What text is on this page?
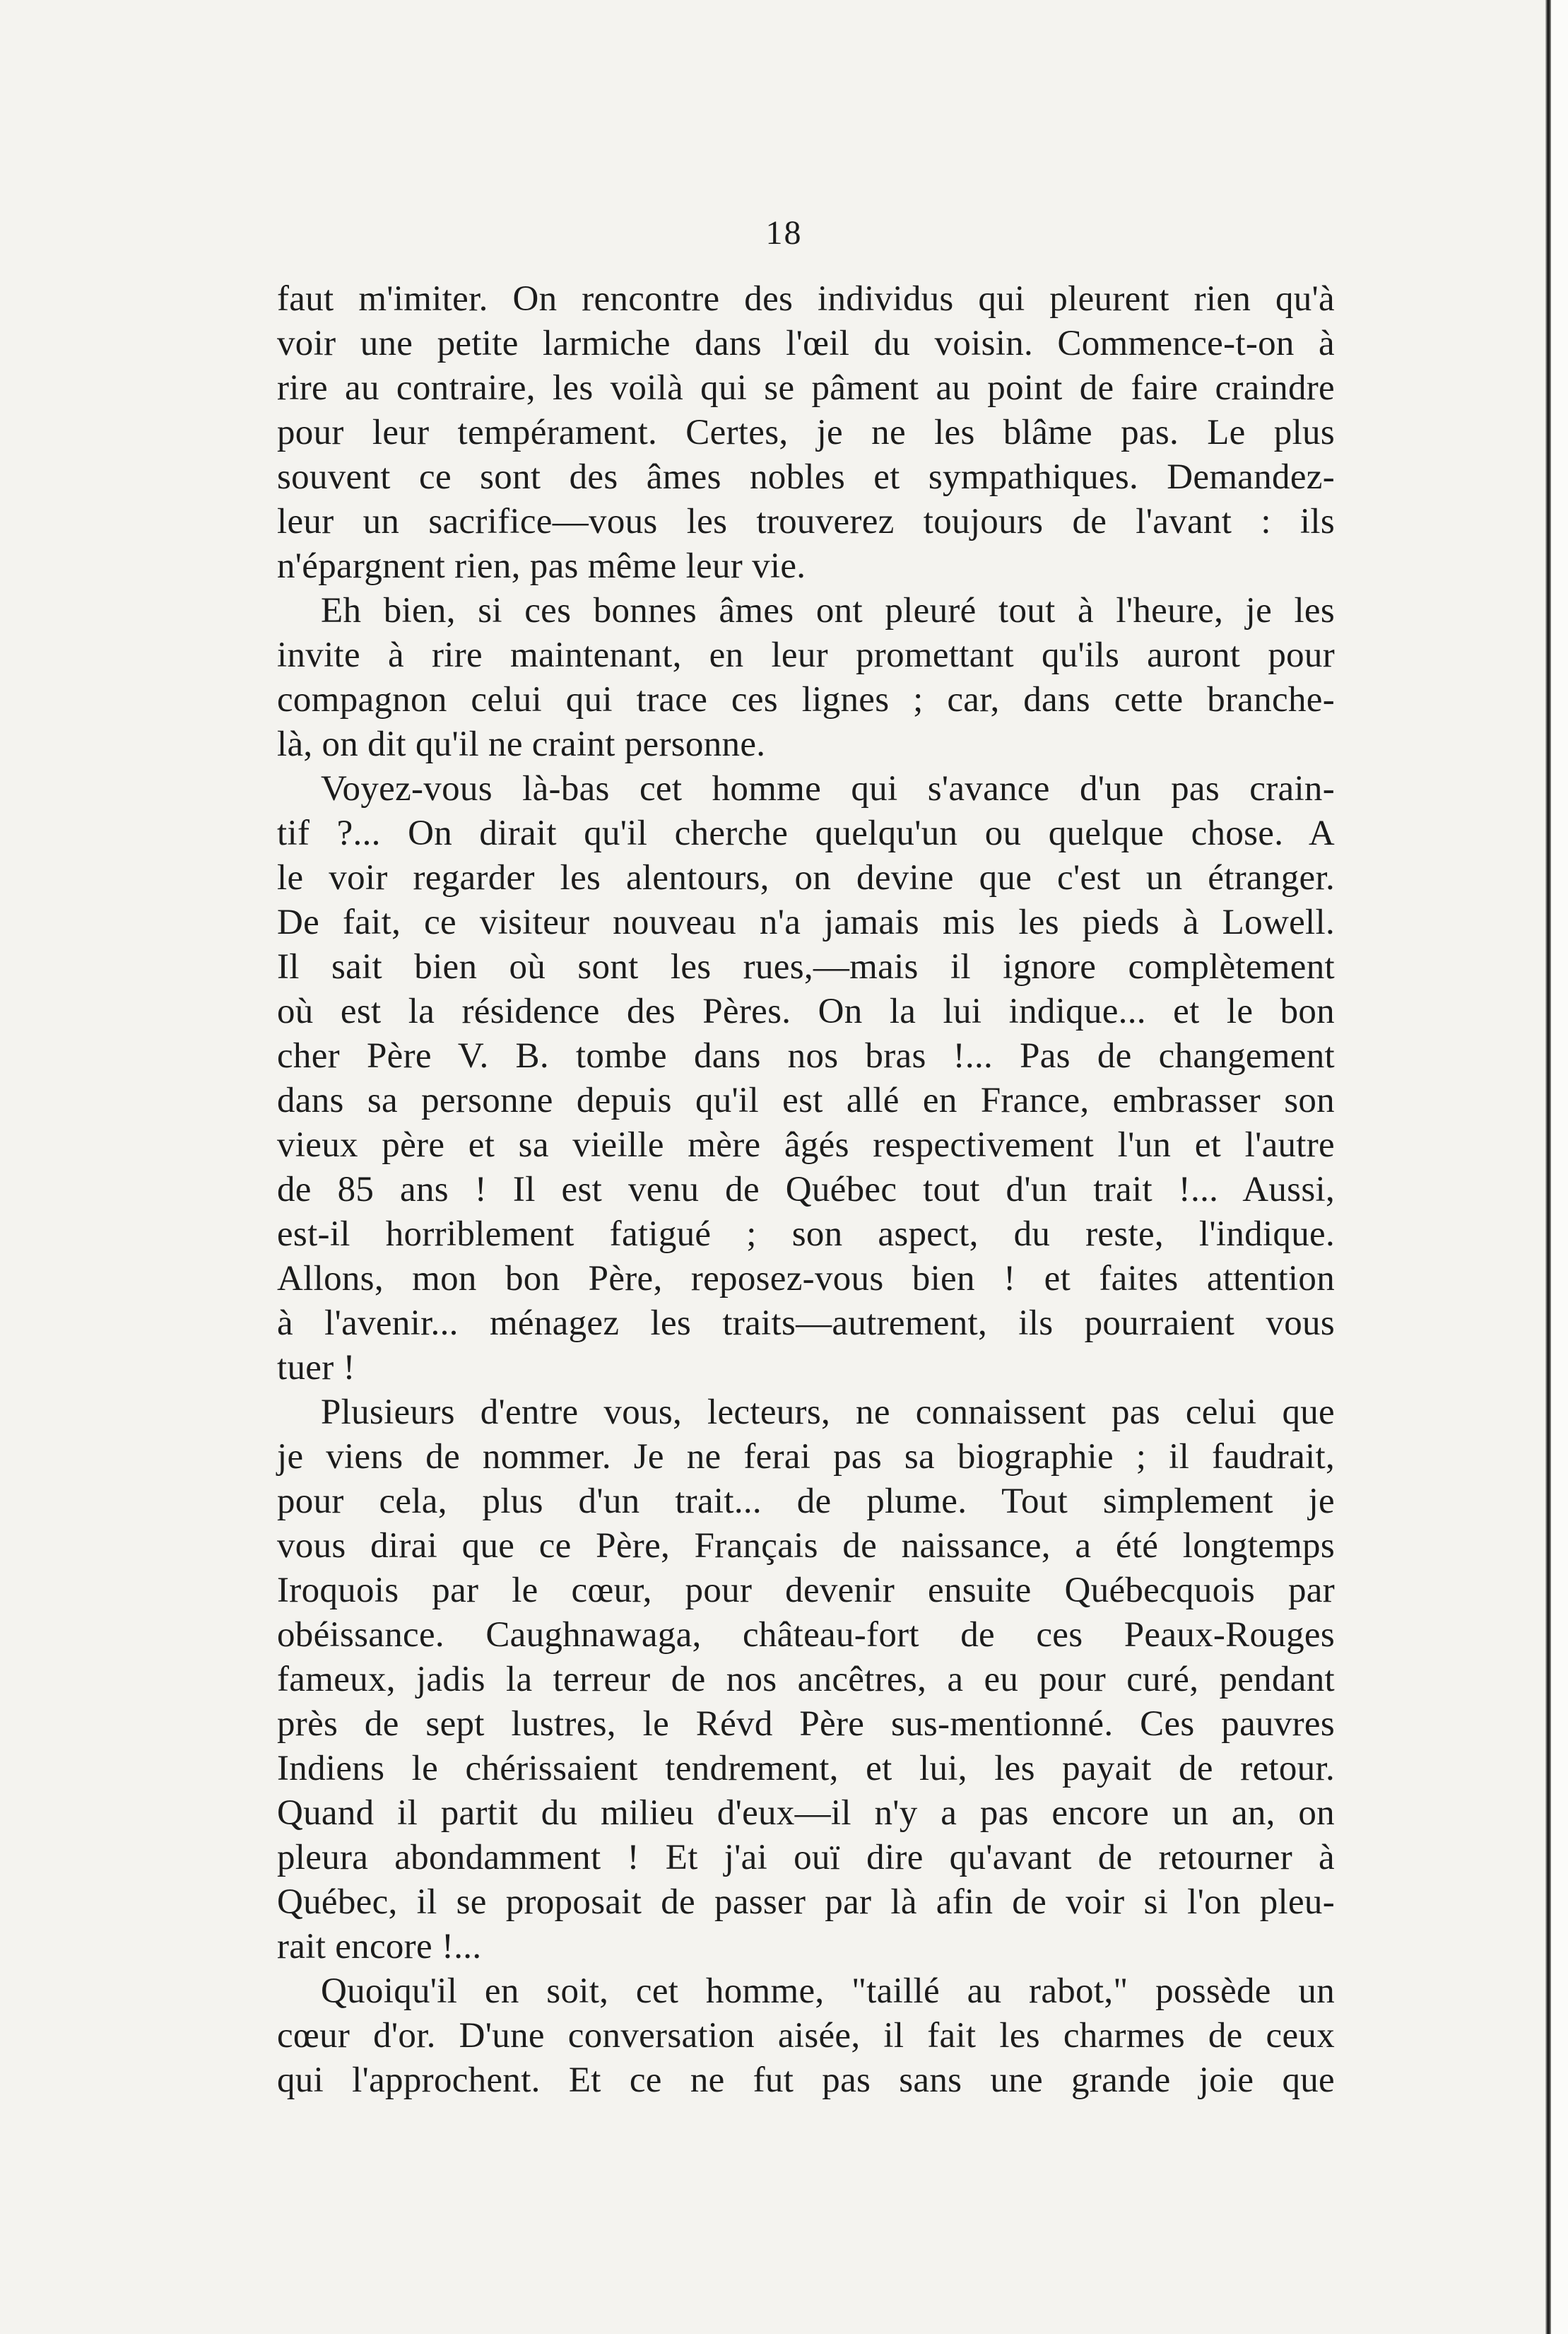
18
faut m'imiter. On rencontre des individus qui pleurent rien qu'à
voir une petite larmiche dans l'œil du voisin. Commence-t-on à
rire au contraire, les voilà qui se pâment au point de faire craindre
pour leur tempérament. Certes, je ne les blâme pas. Le plus
souvent ce sont des âmes nobles et sympathiques. Demandez-
leur un sacrifice—vous les trouverez toujours de l'avant : ils
n'épargnent rien, pas même leur vie.
Eh bien, si ces bonnes âmes ont pleuré tout à l'heure, je les
invite à rire maintenant, en leur promettant qu'ils auront pour
compagnon celui qui trace ces lignes ; car, dans cette branche-
là, on dit qu'il ne craint personne.
Voyez-vous là-bas cet homme qui s'avance d'un pas crain-
tif ?... On dirait qu'il cherche quelqu'un ou quelque chose. A
le voir regarder les alentours, on devine que c'est un étranger.
De fait, ce visiteur nouveau n'a jamais mis les pieds à Lowell.
Il sait bien où sont les rues,—mais il ignore complètement
où est la résidence des Pères. On la lui indique... et le bon
cher Père V. B. tombe dans nos bras !... Pas de changement
dans sa personne depuis qu'il est allé en France, embrasser son
vieux père et sa vieille mère âgés respectivement l'un et l'autre
de 85 ans ! Il est venu de Québec tout d'un trait !... Aussi,
est-il horriblement fatigué ; son aspect, du reste, l'indique.
Allons, mon bon Père, reposez-vous bien ! et faites attention
à l'avenir... ménagez les traits—autrement, ils pourraient vous
tuer !
Plusieurs d'entre vous, lecteurs, ne connaissent pas celui que
je viens de nommer. Je ne ferai pas sa biographie ; il faudrait,
pour cela, plus d'un trait... de plume. Tout simplement je
vous dirai que ce Père, Français de naissance, a été longtemps
Iroquois par le cœur, pour devenir ensuite Québecquois par
obéissance. Caughnawaga, château-fort de ces Peaux-Rouges
fameux, jadis la terreur de nos ancêtres, a eu pour curé, pendant
près de sept lustres, le Révd Père sus-mentionné. Ces pauvres
Indiens le chérissaient tendrement, et lui, les payait de retour.
Quand il partit du milieu d'eux—il n'y a pas encore un an, on
pleura abondamment ! Et j'ai ouï dire qu'avant de retourner à
Québec, il se proposait de passer par là afin de voir si l'on pleu-
rait encore !...
Quoiqu'il en soit, cet homme, "taillé au rabot," possède un
cœur d'or. D'une conversation aisée, il fait les charmes de ceux
qui l'approchent. Et ce ne fut pas sans une grande joie que
